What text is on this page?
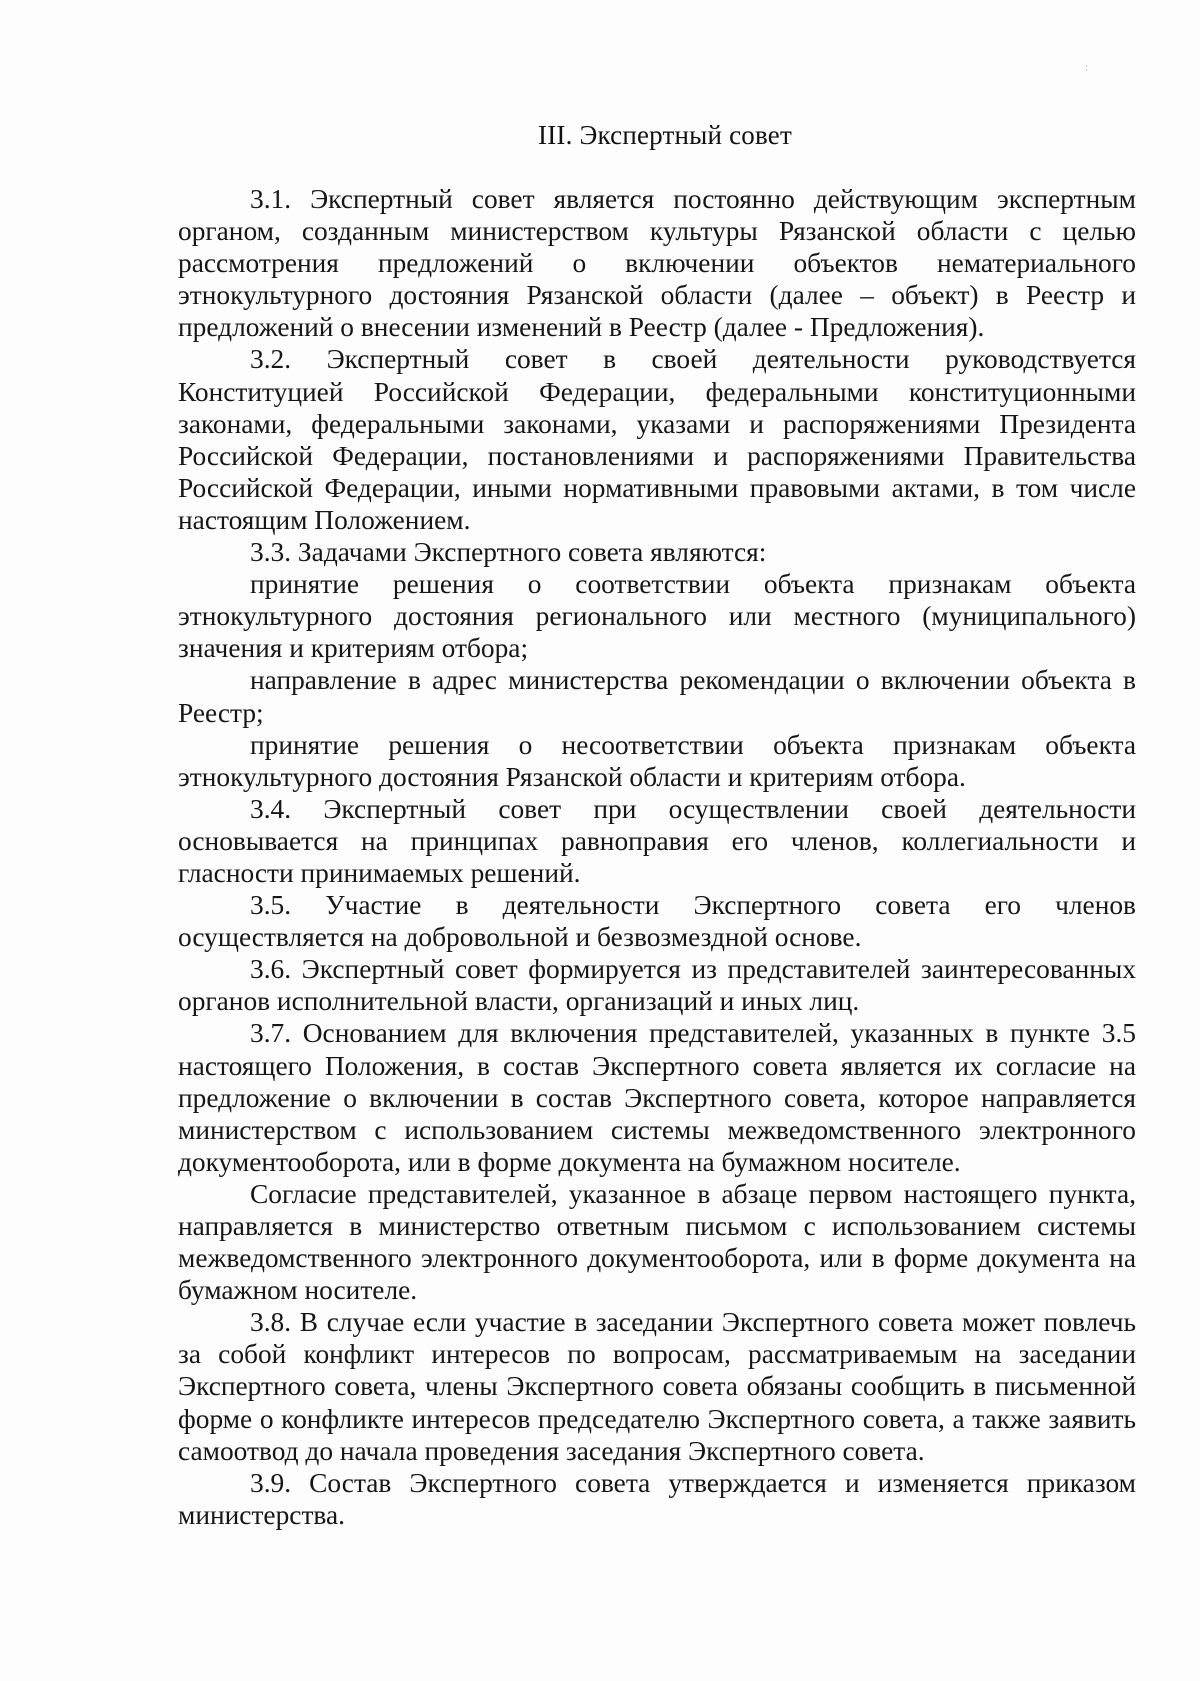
:
III. Экспертный совет

3.1. Экспертный совет является постоянно действующим экспертным органом, созданным министерством культуры Рязанской области с целью рассмотрения предложений о включении объектов нематериального этнокультурного достояния Рязанской области (далее – объект) в Реестр и предложений о внесении изменений в Реестр (далее - Предложения).

3.2. Экспертный совет в своей деятельности руководствуется Конституцией Российской Федерации, федеральными конституционными законами, федеральными законами, указами и распоряжениями Президента Российской Федерации, постановлениями и распоряжениями Правительства Российской Федерации, иными нормативными правовыми актами, в том числе настоящим Положением.

3.3. Задачами Экспертного совета являются:

принятие решения о соответствии объекта признакам объекта этнокультурного достояния регионального или местного (муниципального) значения и критериям отбора;

направление в адрес министерства рекомендации о включении объекта в Реестр;

принятие решения о несоответствии объекта признакам объекта этнокультурного достояния Рязанской области и критериям отбора.

3.4. Экспертный совет при осуществлении своей деятельности основывается на принципах равноправия его членов, коллегиальности и гласности принимаемых решений.

3.5. Участие в деятельности Экспертного совета его членов осуществляется на добровольной и безвозмездной основе.

3.6. Экспертный совет формируется из представителей заинтересованных органов исполнительной власти, организаций и иных лиц.

3.7. Основанием для включения представителей, указанных в пункте 3.5 настоящего Положения, в состав Экспертного совета является их согласие на предложение о включении в состав Экспертного совета, которое направляется министерством с использованием системы межведомственного электронного документооборота, или в форме документа на бумажном носителе.

Согласие представителей, указанное в абзаце первом настоящего пункта, направляется в министерство ответным письмом с использованием системы межведомственного электронного документооборота, или в форме документа на бумажном носителе.

3.8. В случае если участие в заседании Экспертного совета может повлечь за собой конфликт интересов по вопросам, рассматриваемым на заседании Экспертного совета, члены Экспертного совета обязаны сообщить в письменной форме о конфликте интересов председателю Экспертного совета, а также заявить самоотвод до начала проведения заседания Экспертного совета.

3.9. Состав Экспертного совета утверждается и изменяется приказом министерства.
